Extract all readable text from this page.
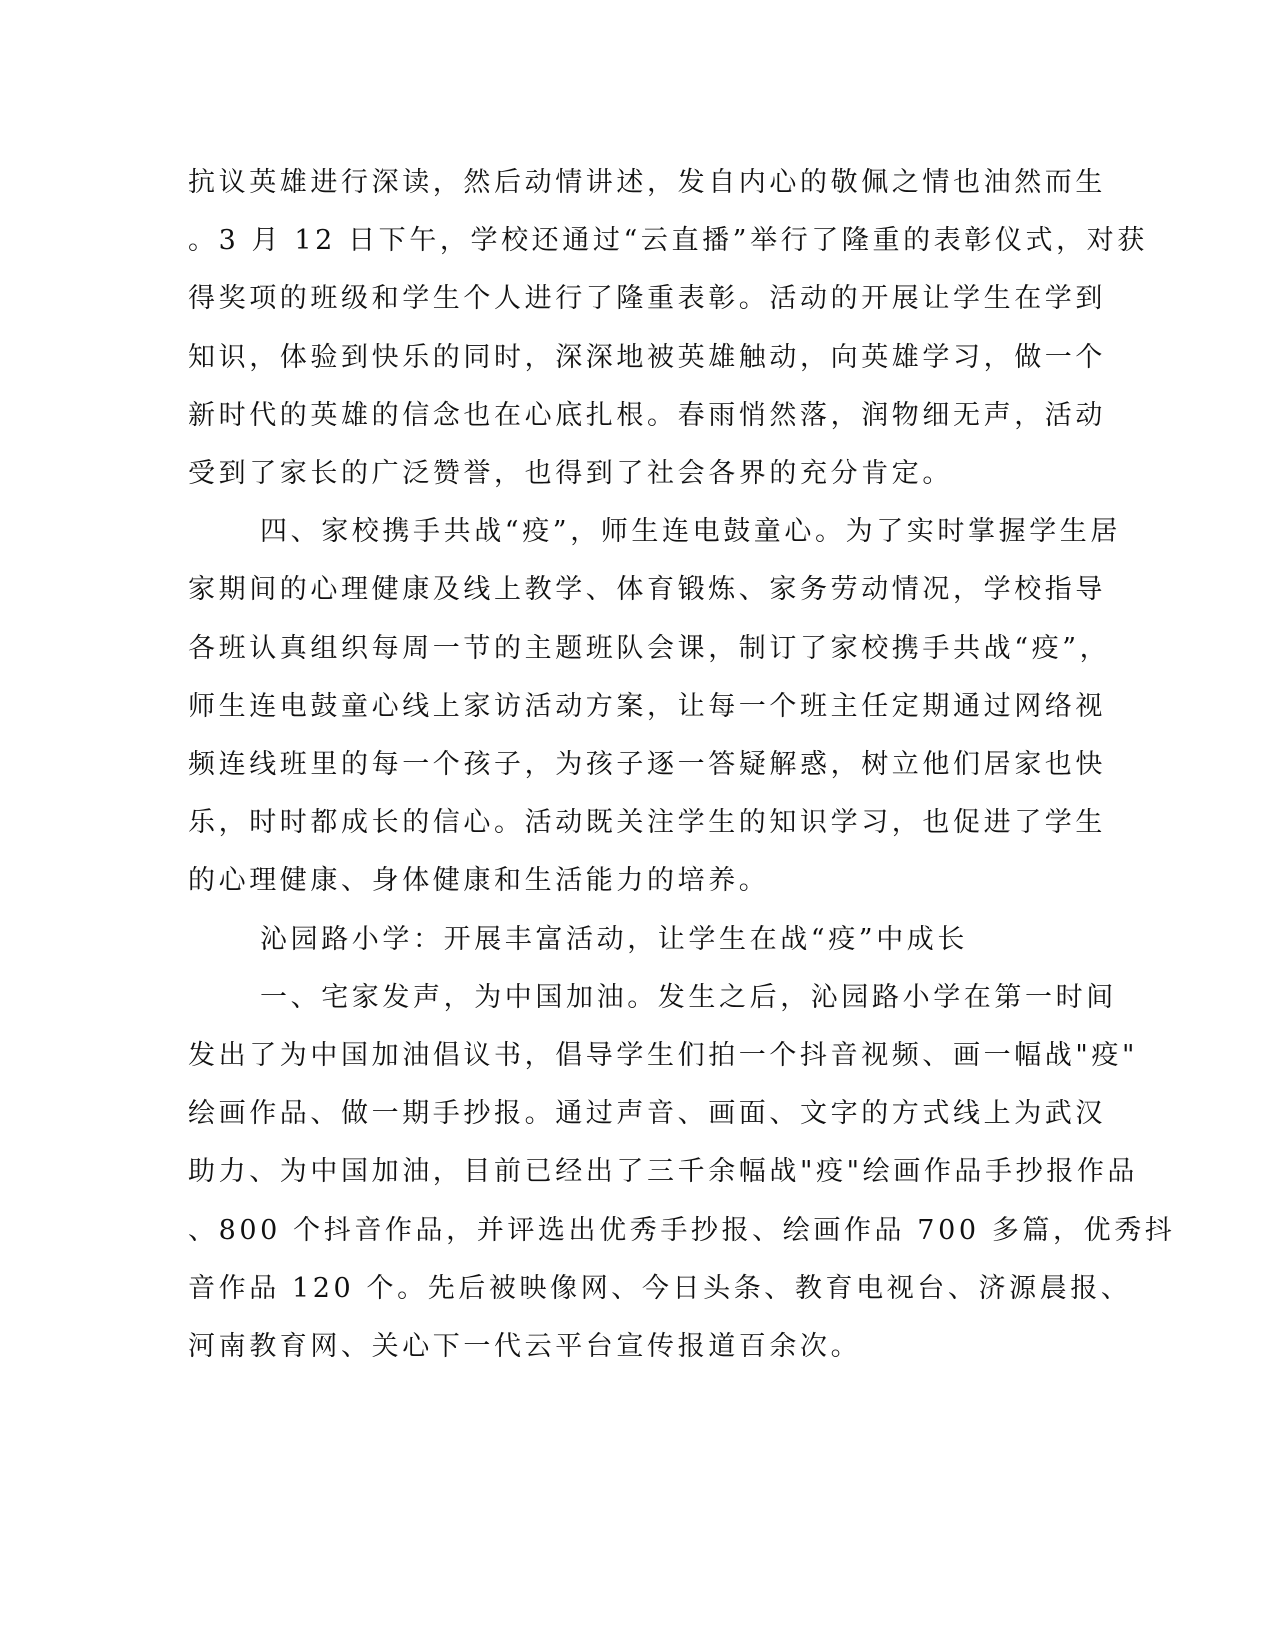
抗议英雄进行深读，然后动情讲述，发自内心的敬佩之情也油然而生
。3 月 12 日下午，学校还通过“云直播”举行了隆重的表彰仪式，对获
得奖项的班级和学生个人进行了隆重表彰。活动的开展让学生在学到
知识，体验到快乐的同时，深深地被英雄触动，向英雄学习，做一个
新时代的英雄的信念也在心底扎根。春雨悄然落，润物细无声，活动
受到了家长的广泛赞誉，也得到了社会各界的充分肯定。
四、家校携手共战“疫”，师生连电鼓童心。为了实时掌握学生居
家期间的心理健康及线上教学、体育锻炼、家务劳动情况，学校指导
各班认真组织每周一节的主题班队会课，制订了家校携手共战“疫”，
师生连电鼓童心线上家访活动方案，让每一个班主任定期通过网络视
频连线班里的每一个孩子，为孩子逐一答疑解惑，树立他们居家也快
乐，时时都成长的信心。活动既关注学生的知识学习，也促进了学生
的心理健康、身体健康和生活能力的培养。
沁园路小学：开展丰富活动，让学生在战“疫”中成长
一、宅家发声，为中国加油。发生之后，沁园路小学在第一时间
发出了为中国加油倡议书，倡导学生们拍一个抖音视频、画一幅战"疫"
绘画作品、做一期手抄报。通过声音、画面、文字的方式线上为武汉
助力、为中国加油，目前已经出了三千余幅战"疫"绘画作品手抄报作品
、800 个抖音作品，并评选出优秀手抄报、绘画作品 700 多篇，优秀抖
音作品 120 个。先后被映像网、今日头条、教育电视台、济源晨报、
河南教育网、关心下一代云平台宣传报道百余次。
